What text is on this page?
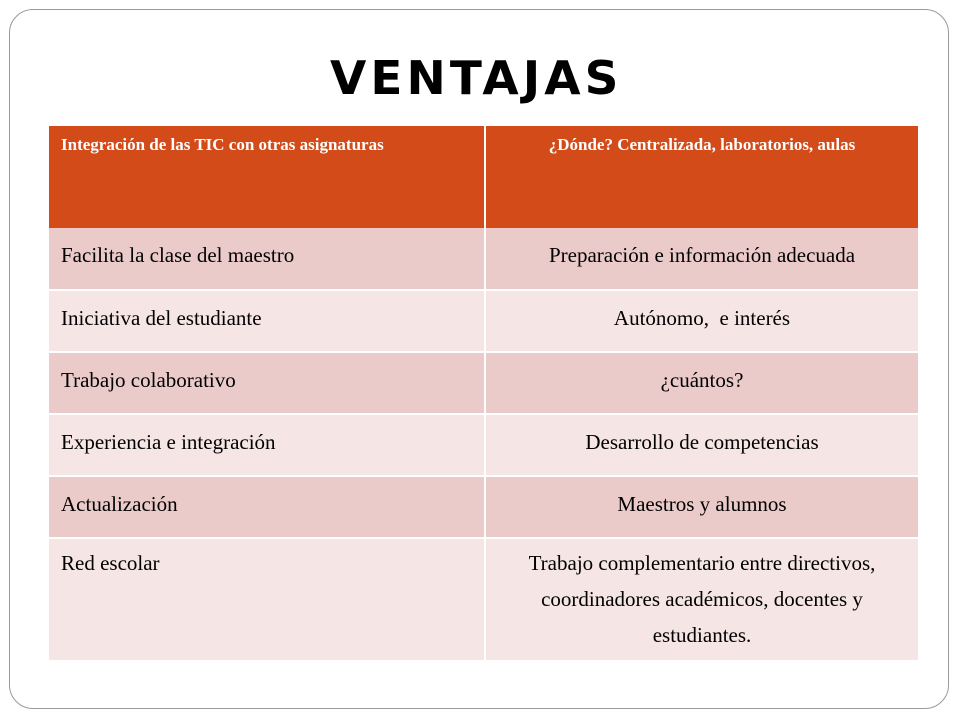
VENTAJAS
Integración de las TIC con otras asignaturas	¿Dónde? Centralizada, laboratorios, aulas
Facilita la clase del maestro	Preparación e información adecuada
Iniciativa del estudiante	Autónomo,  e interés
Trabajo colaborativo	¿cuántos?
Experiencia e integración	Desarrollo de competencias
Actualización	Maestros y alumnos
Red escolar	Trabajo complementario entre directivos, coordinadores académicos, docentes y estudiantes.
